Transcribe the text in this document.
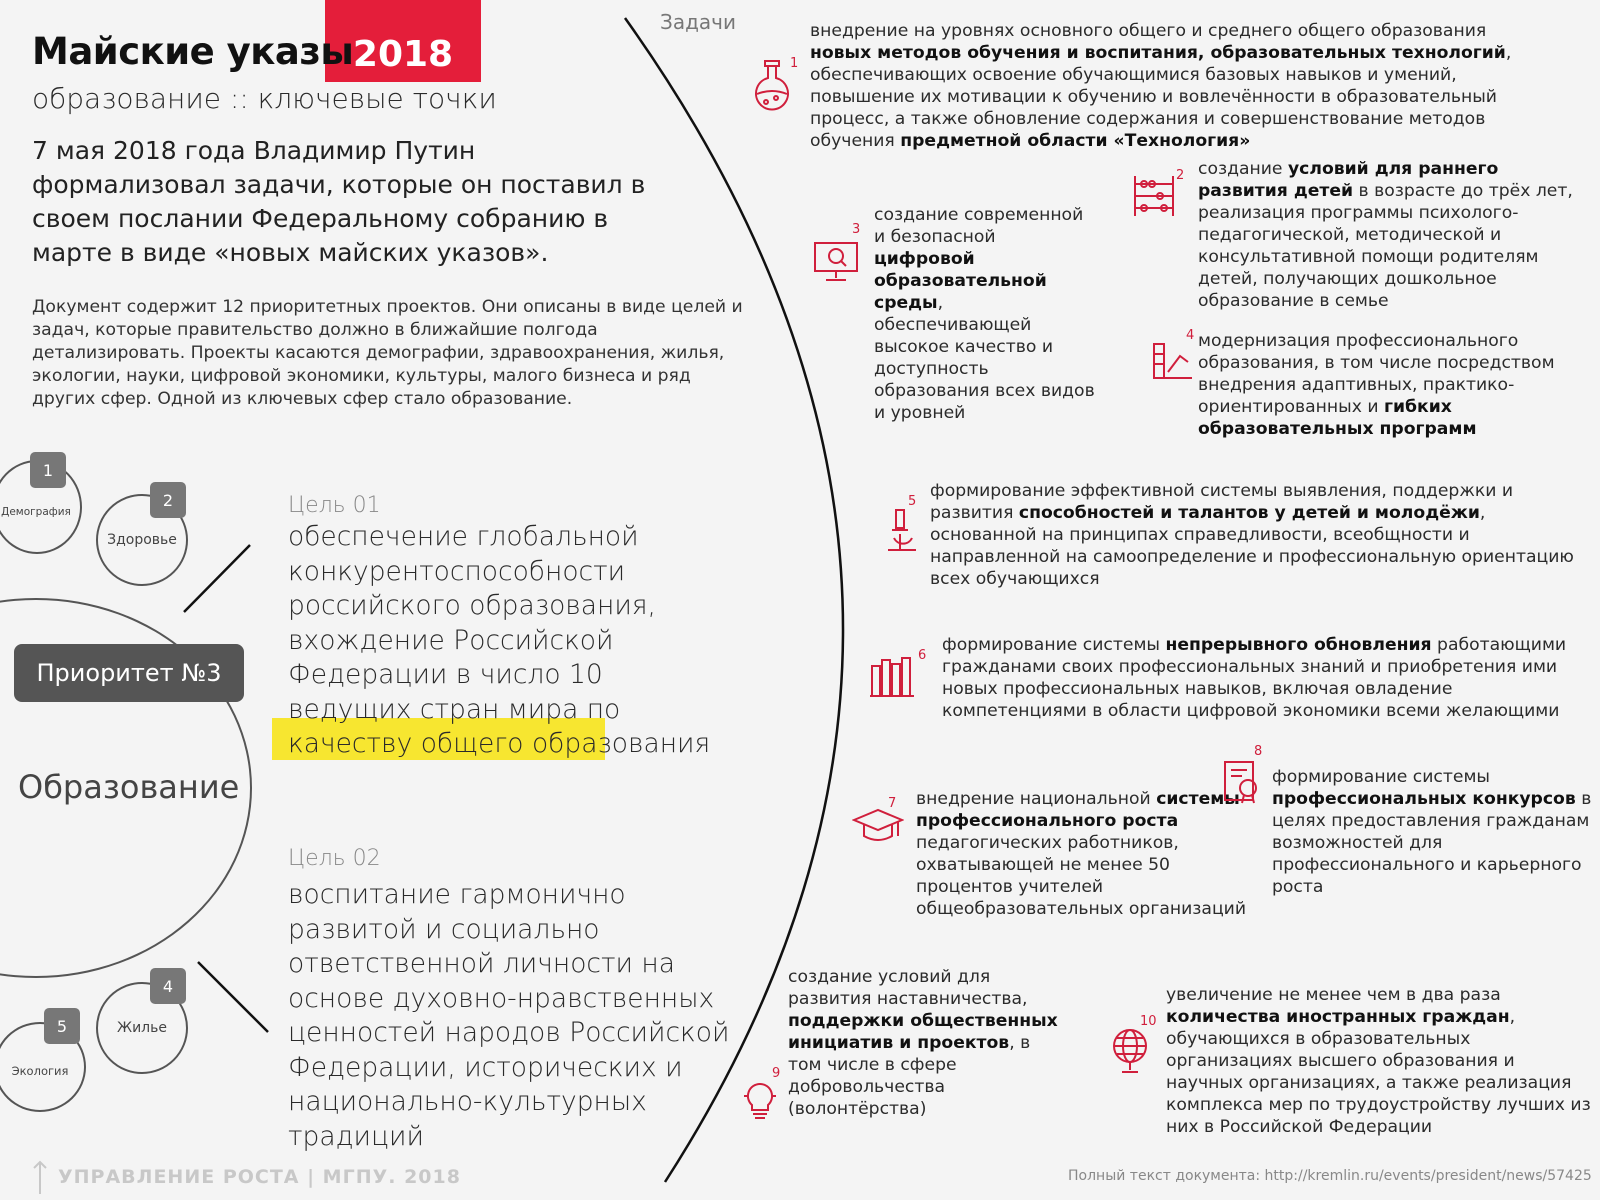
2018
Майские указы
образование :: ключевые точки
7 мая 2018 года Владимир Путин формализовал задачи, которые он поставил в своем послании Федеральному собранию в марте в виде «новых майских указов».
Документ содержит 12 приоритетных проектов. Они описаны в виде целей и задач, которые правительство должно в ближайшие полгода детализировать. Проекты касаются демографии, здравоохранения, жилья, экологии, науки, цифровой экономики, культуры, малого бизнеса и ряд других сфер. Одной из ключевых сфер стало образование.
Задачи
Демография
1
Здоровье
2
Приоритет №3
Образование
Жилье
4
Экология
5
Цель 01
обеспечение глобальной конкурентоспособности российского образования, вхождение Российской Федерации в число 10 ведущих стран мира по качеству общего образования
Цель 02
воспитание гармонично развитой и социально ответственной личности на основе духовно-нравственных ценностей народов Российской Федерации, исторических и национально-культурных традиций
1
внедрение на уровнях основного общего и среднего общего образования новых методов обучения и воспитания, образовательных технологий, обеспечивающих освоение обучающимися базовых навыков и умений, повышение их мотивации к обучению и вовлечённости в образовательный процесс, а также обновление содержания и совершенствование методов обучения предметной области «Технология»
2 создание условий для раннего развития детей в возрасте до трёх лет, реализация программы психолого-педагогической, методической и консультативной помощи родителям детей, получающих дошкольное образование в семье
3
создание современной и безопасной цифровой образовательной среды, обеспечивающей высокое качество и доступность образования всех видов и уровней
4 модернизация профессионального образования, в том числе посредством внедрения адаптивных, практико-ориентированных и гибких образовательных программ
5
формирование эффективной системы выявления, поддержки и развития способностей и талантов у детей и молодёжи, основанной на принципах справедливости, всеобщности и направленной на самоопределение и профессиональную ориентацию всех обучающихся
6
формирование системы непрерывного обновления работающими гражданами своих профессиональных знаний и приобретения ими новых профессиональных навыков, включая овладение компетенциями в области цифровой экономики всеми желающими
7 внедрение национальной системы профессионального роста педагогических работников, охватывающей не менее 50 процентов учителей общеобразовательных организаций
8
формирование системы профессиональных конкурсов в целях предоставления гражданам возможностей для профессионального и карьерного роста
9
создание условий для развития наставничества, поддержки общественных инициатив и проектов, в том числе в сфере добровольчества (волонтёрства)
10
увеличение не менее чем в два раза количества иностранных граждан, обучающихся в образовательных организациях высшего образования и научных организациях, а также реализация комплекса мер по трудоустройству лучших из них в Российской Федерации
УПРАВЛЕНИЕ РОСТА | МГПУ. 2018	Полный текст документа: http://kremlin.ru/events/president/news/57425
